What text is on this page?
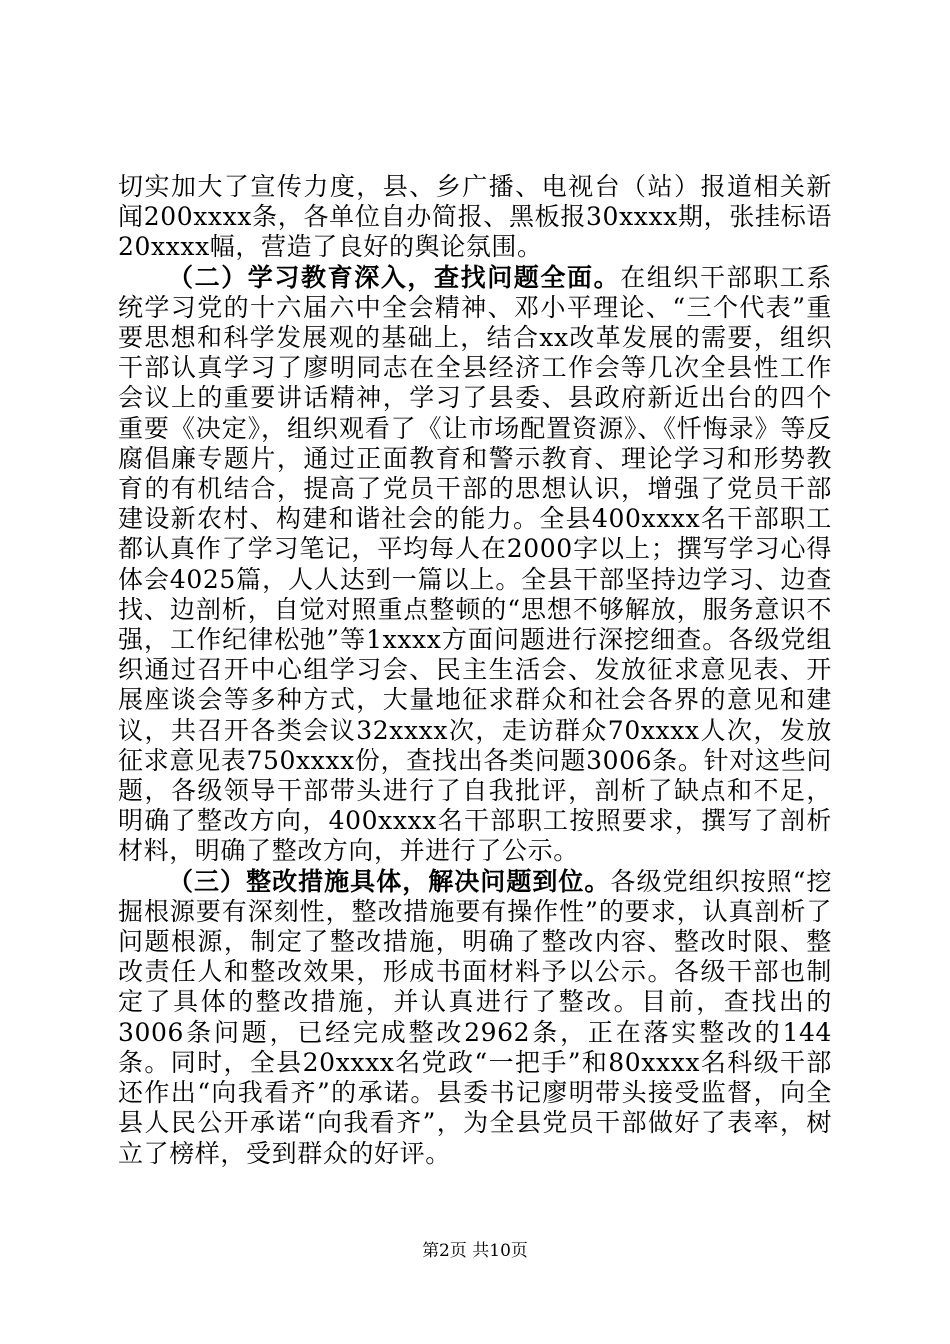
切实加大了宣传力度，县、乡广播、电视台（站）报道相关新闻200xxxx条，各单位自办简报、黑板报30xxxx期，张挂标语20xxxx幅，营造了良好的舆论氛围。

（二）学习教育深入，查找问题全面。在组织干部职工系统学习党的十六届六中全会精神、邓小平理论、“三个代表”重要思想和科学发展观的基础上，结合xx改革发展的需要，组织干部认真学习了廖明同志在全县经济工作会等几次全县性工作会议上的重要讲话精神，学习了县委、县政府新近出台的四个重要《决定》，组织观看了《让市场配置资源》、《忏悔录》等反腐倡廉专题片，通过正面教育和警示教育、理论学习和形势教育的有机结合，提高了党员干部的思想认识，增强了党员干部建设新农村、构建和谐社会的能力。全县400xxxx名干部职工都认真作了学习笔记，平均每人在2000字以上；撰写学习心得体会4025篇，人人达到一篇以上。全县干部坚持边学习、边查找、边剖析，自觉对照重点整顿的“思想不够解放，服务意识不强，工作纪律松弛”等1xxxx方面问题进行深挖细查。各级党组织通过召开中心组学习会、民主生活会、发放征求意见表、开展座谈会等多种方式，大量地征求群众和社会各界的意见和建议，共召开各类会议32xxxx次，走访群众70xxxx人次，发放征求意见表750xxxx份，查找出各类问题3006条。针对这些问题，各级领导干部带头进行了自我批评，剖析了缺点和不足，明确了整改方向，400xxxx名干部职工按照要求，撰写了剖析材料，明确了整改方向，并进行了公示。

（三）整改措施具体，解决问题到位。各级党组织按照“挖掘根源要有深刻性，整改措施要有操作性”的要求，认真剖析了问题根源，制定了整改措施，明确了整改内容、整改时限、整改责任人和整改效果，形成书面材料予以公示。各级干部也制定了具体的整改措施，并认真进行了整改。目前，查找出的3006条问题，已经完成整改2962条，正在落实整改的144条。同时，全县20xxxx名党政“一把手”和80xxxx名科级干部还作出“向我看齐”的承诺。县委书记廖明带头接受监督，向全县人民公开承诺“向我看齐”，为全县党员干部做好了表率，树立了榜样，受到群众的好评。

第2页 共10页
